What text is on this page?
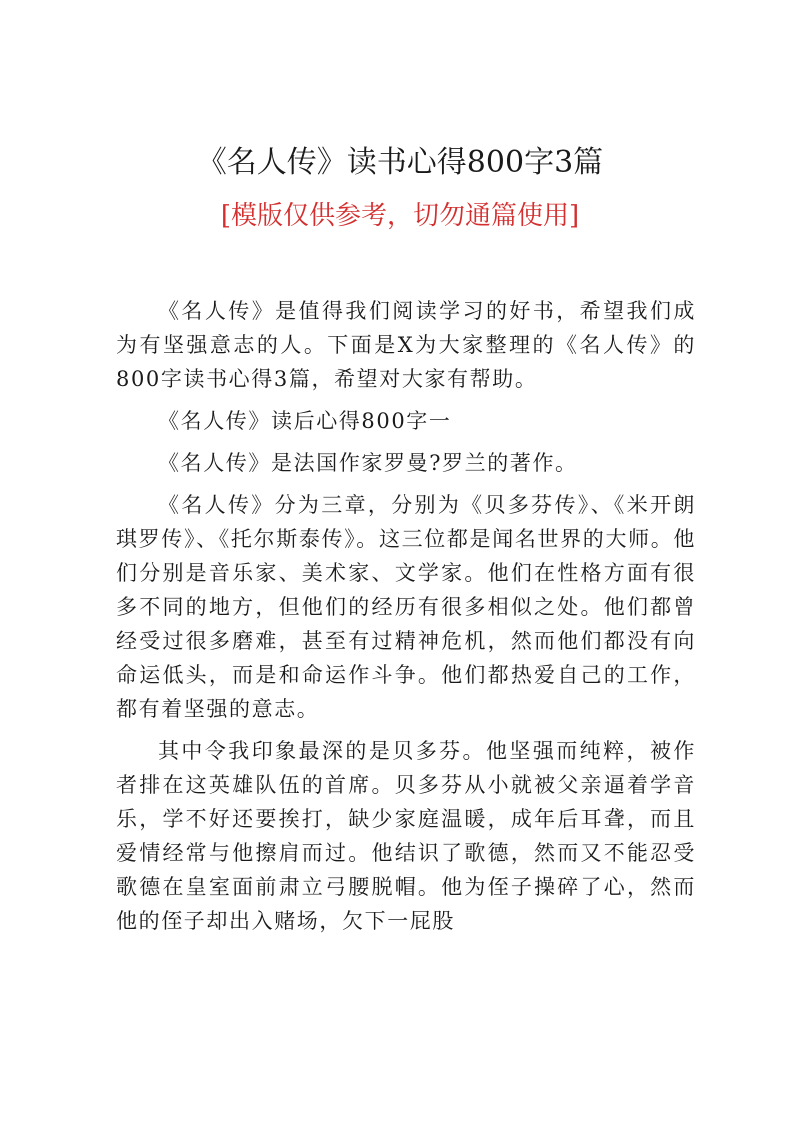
《名人传》读书心得800字3篇
[模版仅供参考，切勿通篇使用]

《名人传》是值得我们阅读学习的好书，希望我们成为有坚强意志的人。下面是X为大家整理的《名人传》的800字读书心得3篇，希望对大家有帮助。

《名人传》读后心得800字一

《名人传》是法国作家罗曼?罗兰的著作。

《名人传》分为三章，分别为《贝多芬传》、《米开朗琪罗传》、《托尔斯泰传》。这三位都是闻名世界的大师。他们分别是音乐家、美术家、文学家。他们在性格方面有很多不同的地方，但他们的经历有很多相似之处。他们都曾经受过很多磨难，甚至有过精神危机，然而他们都没有向命运低头，而是和命运作斗争。他们都热爱自己的工作，都有着坚强的意志。

其中令我印象最深的是贝多芬。他坚强而纯粹，被作者排在这英雄队伍的首席。贝多芬从小就被父亲逼着学音乐，学不好还要挨打，缺少家庭温暖，成年后耳聋，而且爱情经常与他擦肩而过。他结识了歌德，然而又不能忍受歌德在皇室面前肃立弓腰脱帽。他为侄子操碎了心，然而他的侄子却出入赌场，欠下一屁股
